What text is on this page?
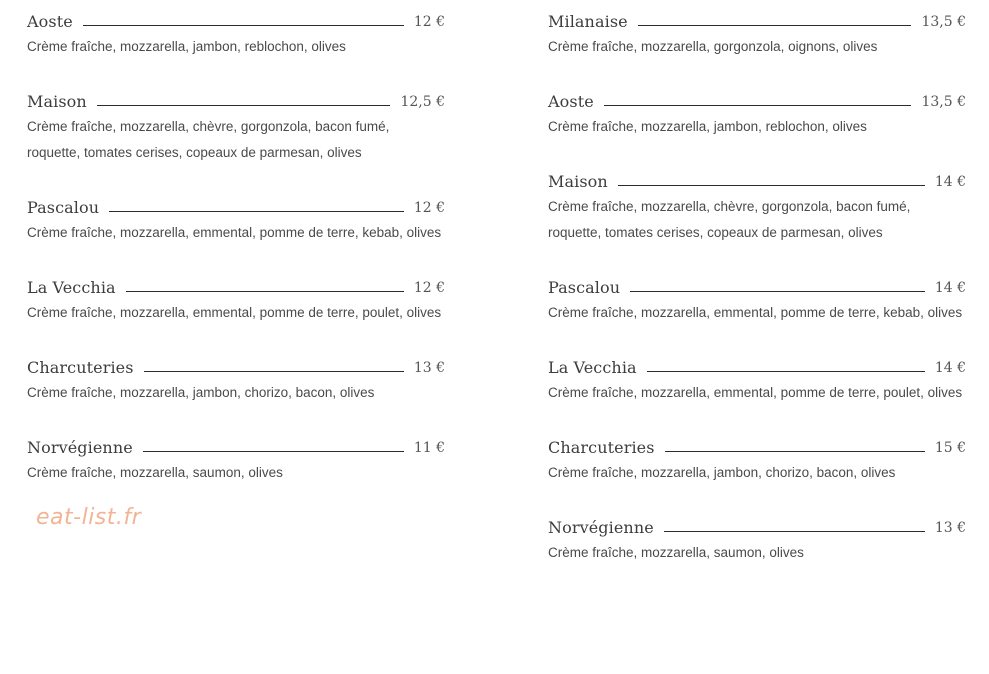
Aoste	12 €
Crème fraîche, mozzarella, jambon, reblochon, olives
Maison	12,5 €
Crème fraîche, mozzarella, chèvre, gorgonzola, bacon fumé, roquette, tomates cerises, copeaux de parmesan, olives
Pascalou	12 €
Crème fraîche, mozzarella, emmental, pomme de terre, kebab, olives
La Vecchia	12 €
Crème fraîche, mozzarella, emmental, pomme de terre, poulet, olives
Charcuteries	13 €
Crème fraîche, mozzarella, jambon, chorizo, bacon, olives
Norvégienne	11 €
Crème fraîche, mozzarella, saumon, olives
Milanaise	13,5 €
Crème fraîche, mozzarella, gorgonzola, oignons, olives
Aoste	13,5 €
Crème fraîche, mozzarella, jambon, reblochon, olives
Maison	14 €
Crème fraîche, mozzarella, chèvre, gorgonzola, bacon fumé, roquette, tomates cerises, copeaux de parmesan, olives
Pascalou	14 €
Crème fraîche, mozzarella, emmental, pomme de terre, kebab, olives
La Vecchia	14 €
Crème fraîche, mozzarella, emmental, pomme de terre, poulet, olives
Charcuteries	15 €
Crème fraîche, mozzarella, jambon, chorizo, bacon, olives
Norvégienne	13 €
Crème fraîche, mozzarella, saumon, olives
eat-list.fr
